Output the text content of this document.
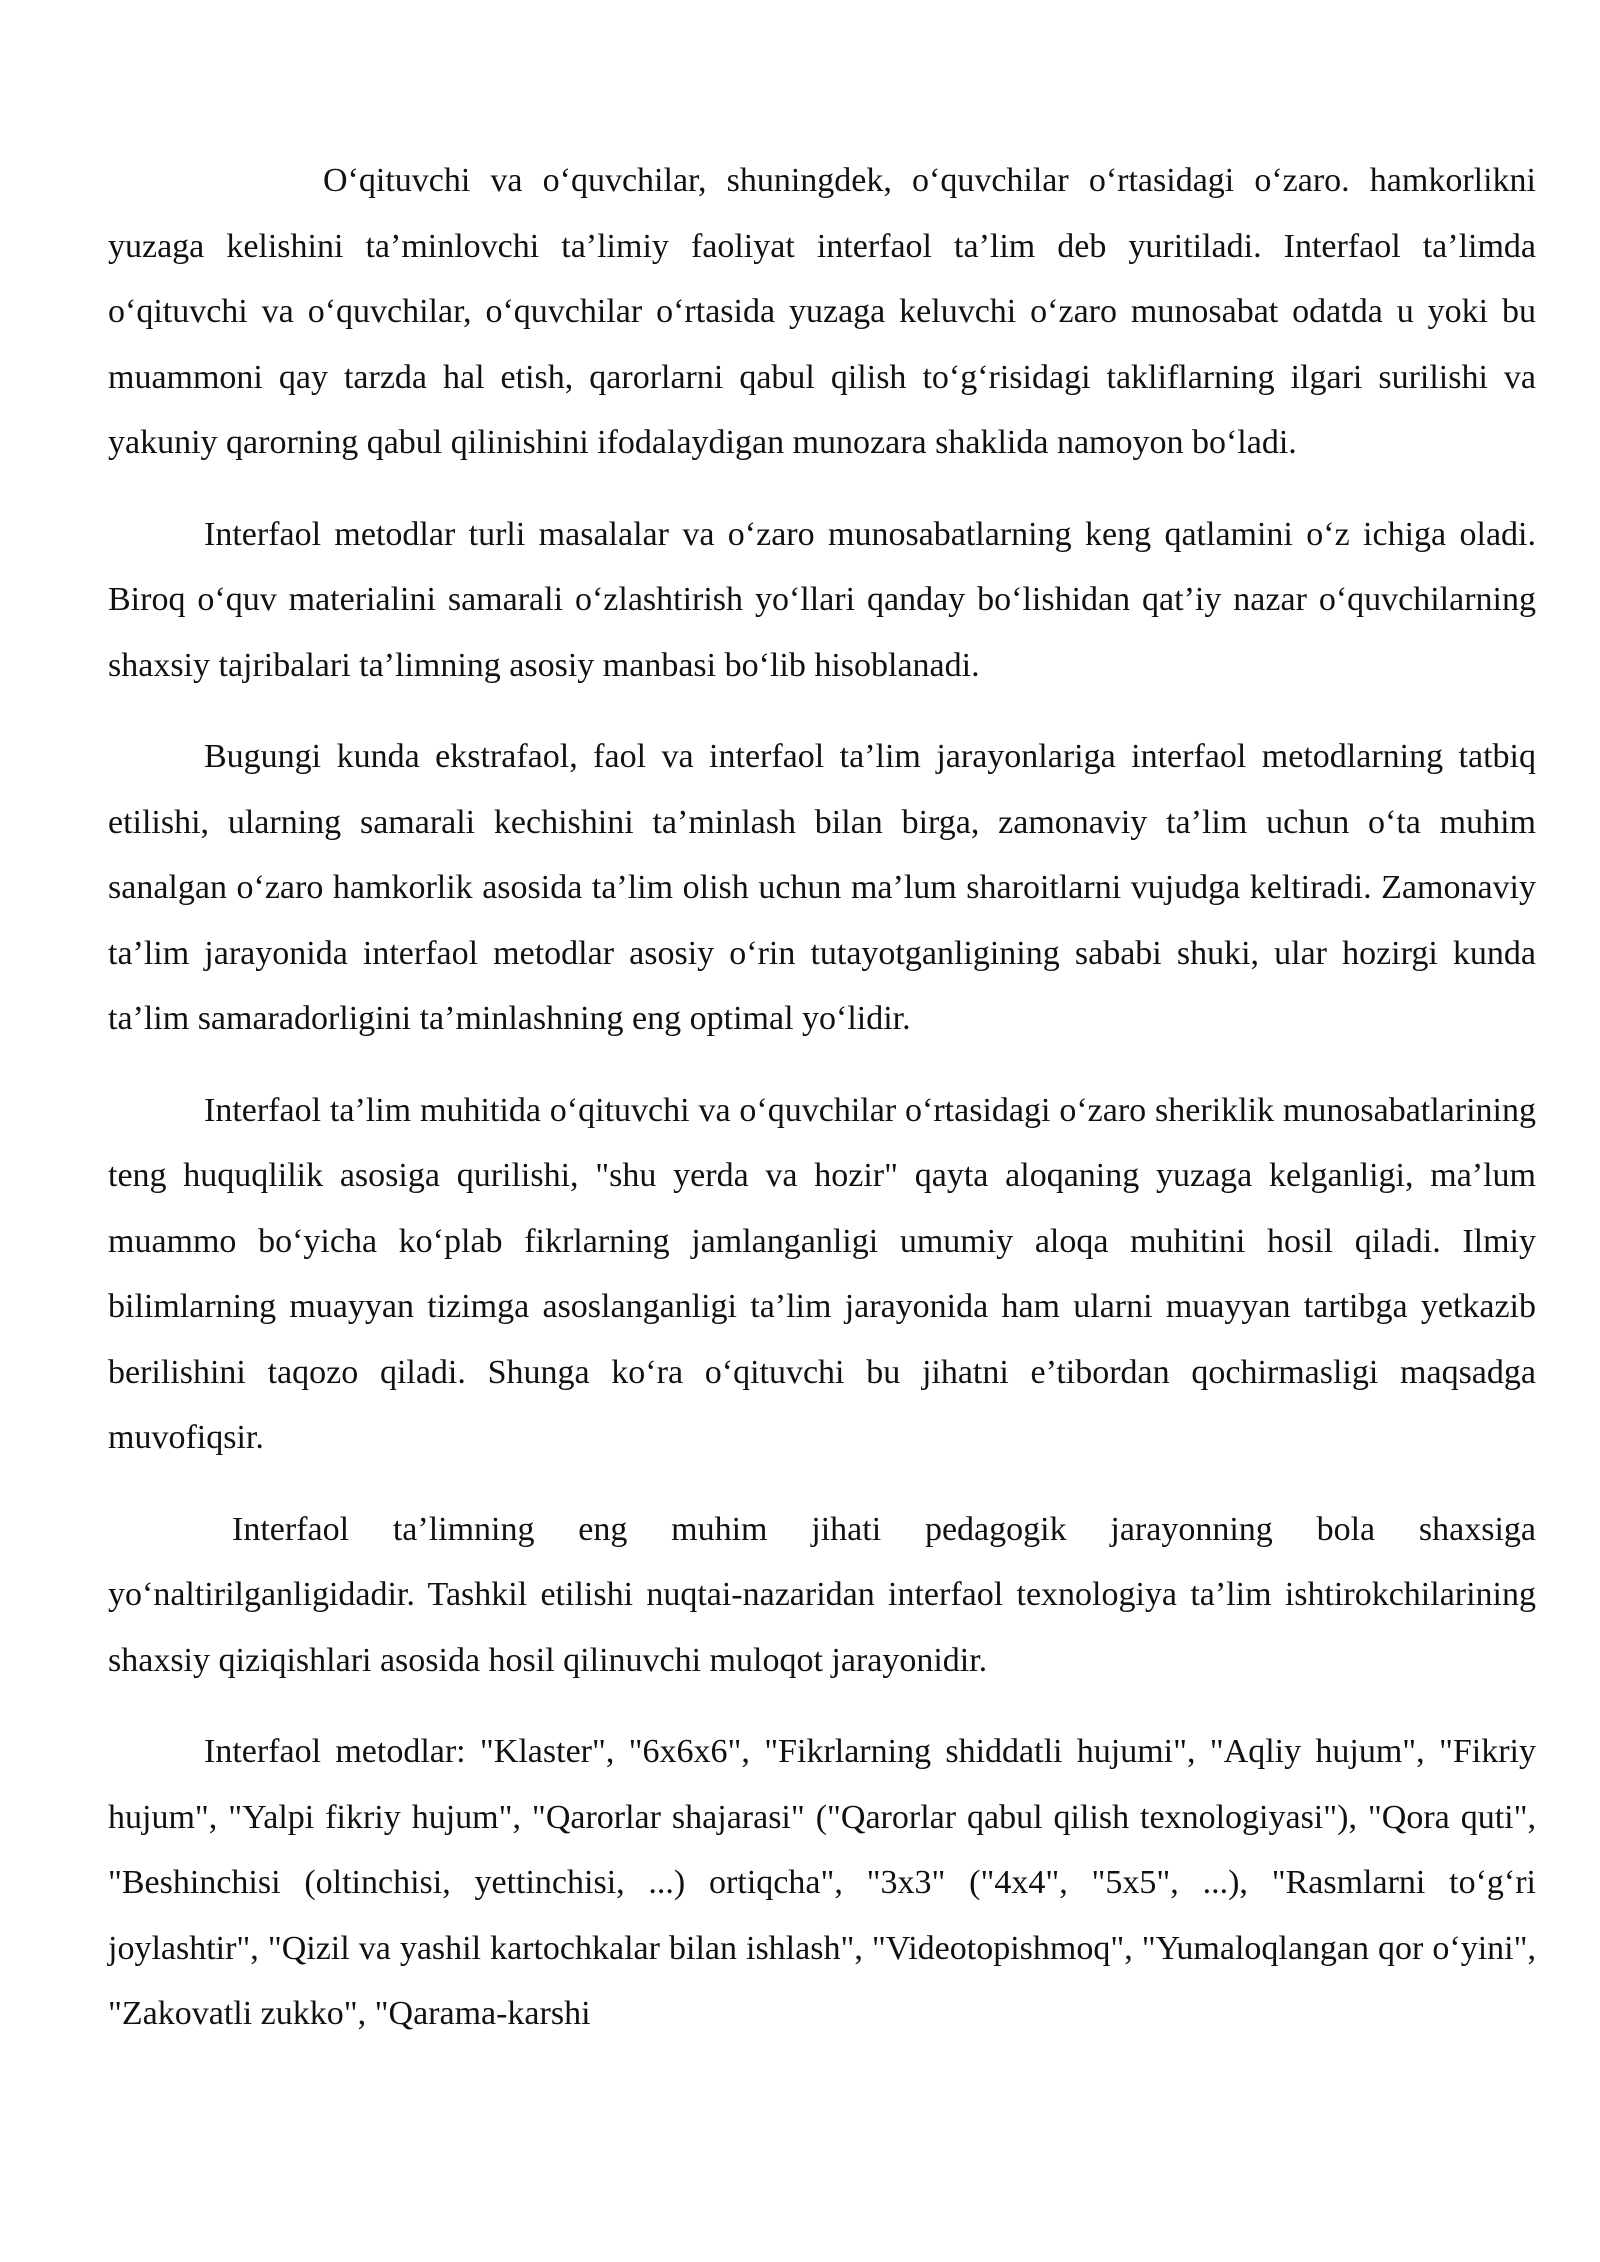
O‘qituvchi va o‘quvchilar, shuningdek, o‘quvchilar o‘rtasidagi o‘zaro. hamkorlikni yuzaga kelishini ta’minlovchi ta’limiy faoliyat interfaol ta’lim deb yuritiladi. Interfaol ta’limda o‘qituvchi va o‘quvchilar, o‘quvchilar o‘rtasida yuzaga keluvchi o‘zaro munosabat odatda u yoki bu muammoni qay tarzda hal etish, qarorlarni qabul qilish to‘g‘risidagi takliflarning ilgari surilishi va yakuniy qarorning qabul qilinishini ifodalaydigan munozara shaklida namoyon bo‘ladi.

Interfaol metodlar turli masalalar va o‘zaro munosabatlarning keng qatlamini o‘z ichiga oladi. Biroq o‘quv materialini samarali o‘zlashtirish yo‘llari qanday bo‘lishidan qat’iy nazar o‘quvchilarning shaxsiy tajribalari ta’limning asosiy manbasi bo‘lib hisoblanadi.

Bugungi kunda ekstrafaol, faol va interfaol ta’lim jarayonlariga interfaol metodlarning tatbiq etilishi, ularning samarali kechishini ta’minlash bilan birga, zamonaviy ta’lim uchun o‘ta muhim sanalgan o‘zaro hamkorlik asosida ta’lim olish uchun ma’lum sharoitlarni vujudga keltiradi. Zamonaviy ta’lim jarayonida interfaol metodlar asosiy o‘rin tutayotganligining sababi shuki, ular hozirgi kunda ta’lim samaradorligini ta’minlashning eng optimal yo‘lidir.

Interfaol ta’lim muhitida o‘qituvchi va o‘quvchilar o‘rtasidagi o‘zaro sheriklik munosabatlarining teng huquqlilik asosiga qurilishi, "shu yerda va hozir" qayta aloqaning yuzaga kelganligi, ma’lum muammo bo‘yicha ko‘plab fikrlarning jamlanganligi umumiy aloqa muhitini hosil qiladi. Ilmiy bilimlarning muayyan tizimga asoslanganligi ta’lim jarayonida ham ularni muayyan tartibga yetkazib berilishini taqozo qiladi. Shunga ko‘ra o‘qituvchi bu jihatni e’tibordan qochirmasligi maqsadga muvofiqsir.

Interfaol ta’limning eng muhim jihati pedagogik jarayonning bola shaxsiga yo‘naltirilganligidadir. Tashkil etilishi nuqtai-nazaridan interfaol texnologiya ta’lim ishtirokchilarining shaxsiy qiziqishlari asosida hosil qilinuvchi muloqot jarayonidir.

Interfaol metodlar: "Klaster", "6x6x6", "Fikrlarning shiddatli hujumi", "Aqliy hujum", "Fikriy hujum", "Yalpi fikriy hujum", "Qarorlar shajarasi" ("Qarorlar qabul qilish texnologiyasi"), "Qora quti", "Beshinchisi (oltinchisi, yettinchisi, ...) ortiqcha", "3x3" ("4x4", "5x5", ...), "Rasmlarni to‘g‘ri joylashtir", "Qizil va yashil kartochkalar bilan ishlash", "Videotopishmoq", "Yumaloqlangan qor o‘yini", "Zakovatli zukko", "Qarama-karshi
